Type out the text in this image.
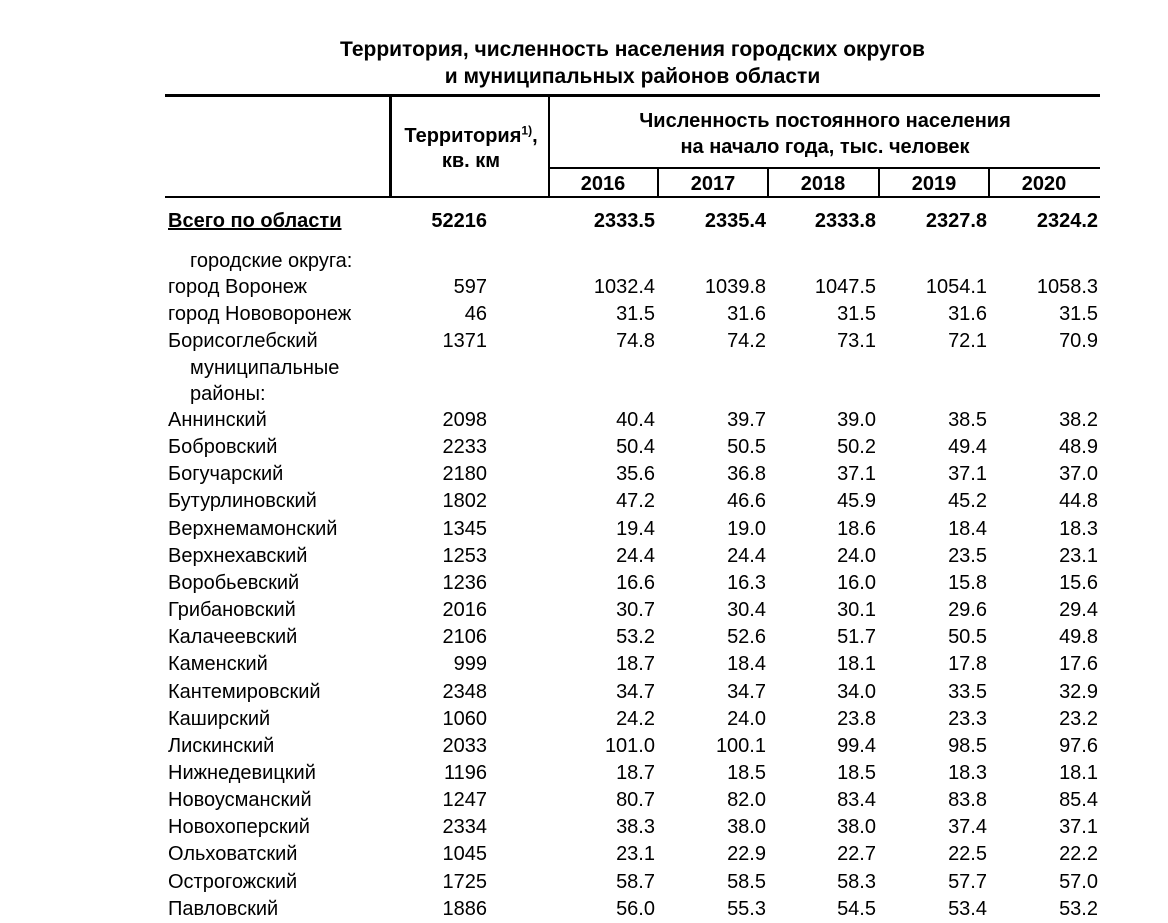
Территория, численность населения городских округов
и муниципальных районов области
Территория$^{1)}$,
кв. км
Численность постоянного населения
на начало года, тыс. человек
2016	2017	2018	2019	2020
Всего по области	52216	2333.5 2335.4 2333.8 2327.8 2324.2
городские округа:
город Воронеж	597	1032.4 1039.8 1047.5 1054.1 1058.3
город Нововоронеж	46	31.5	31.6	31.5	31.6	31.5
Борисоглебский	1371	74.8	74.2	73.1	72.1	70.9
муниципальные
районы:
Аннинский	2098	40.4	39.7	39.0	38.5	38.2
Бобровский	2233	50.4	50.5	50.2	49.4	48.9
Богучарский	2180	35.6	36.8	37.1	37.1	37.0
Бутурлиновский	1802	47.2	46.6	45.9	45.2	44.8
Верхнемамонский	1345	19.4	19.0	18.6	18.4	18.3
Верхнехавский	1253	24.4	24.4	24.0	23.5	23.1
Воробьевский	1236	16.6	16.3	16.0	15.8	15.6
Грибановский	2016	30.7	30.4	30.1	29.6	29.4
Калачеевский	2106	53.2	52.6	51.7	50.5	49.8
Каменский	999	18.7	18.4	18.1	17.8	17.6
Кантемировский	2348	34.7	34.7	34.0	33.5	32.9
Каширский	1060	24.2	24.0	23.8	23.3	23.2
Лискинский	2033	101.0	100.1	99.4	98.5	97.6
Нижнедевицкий	1196	18.7	18.5	18.5	18.3	18.1
Новоусманский	1247	80.7	82.0	83.4	83.8	85.4
Новохоперский	2334	38.3	38.0	38.0	37.4	37.1
Ольховатский	1045	23.1	22.9	22.7	22.5	22.2
Острогожский	1725	58.7	58.5	58.3	57.7	57.0
Павловский	1886	56.0	55.3	54.5	53.4	53.2
